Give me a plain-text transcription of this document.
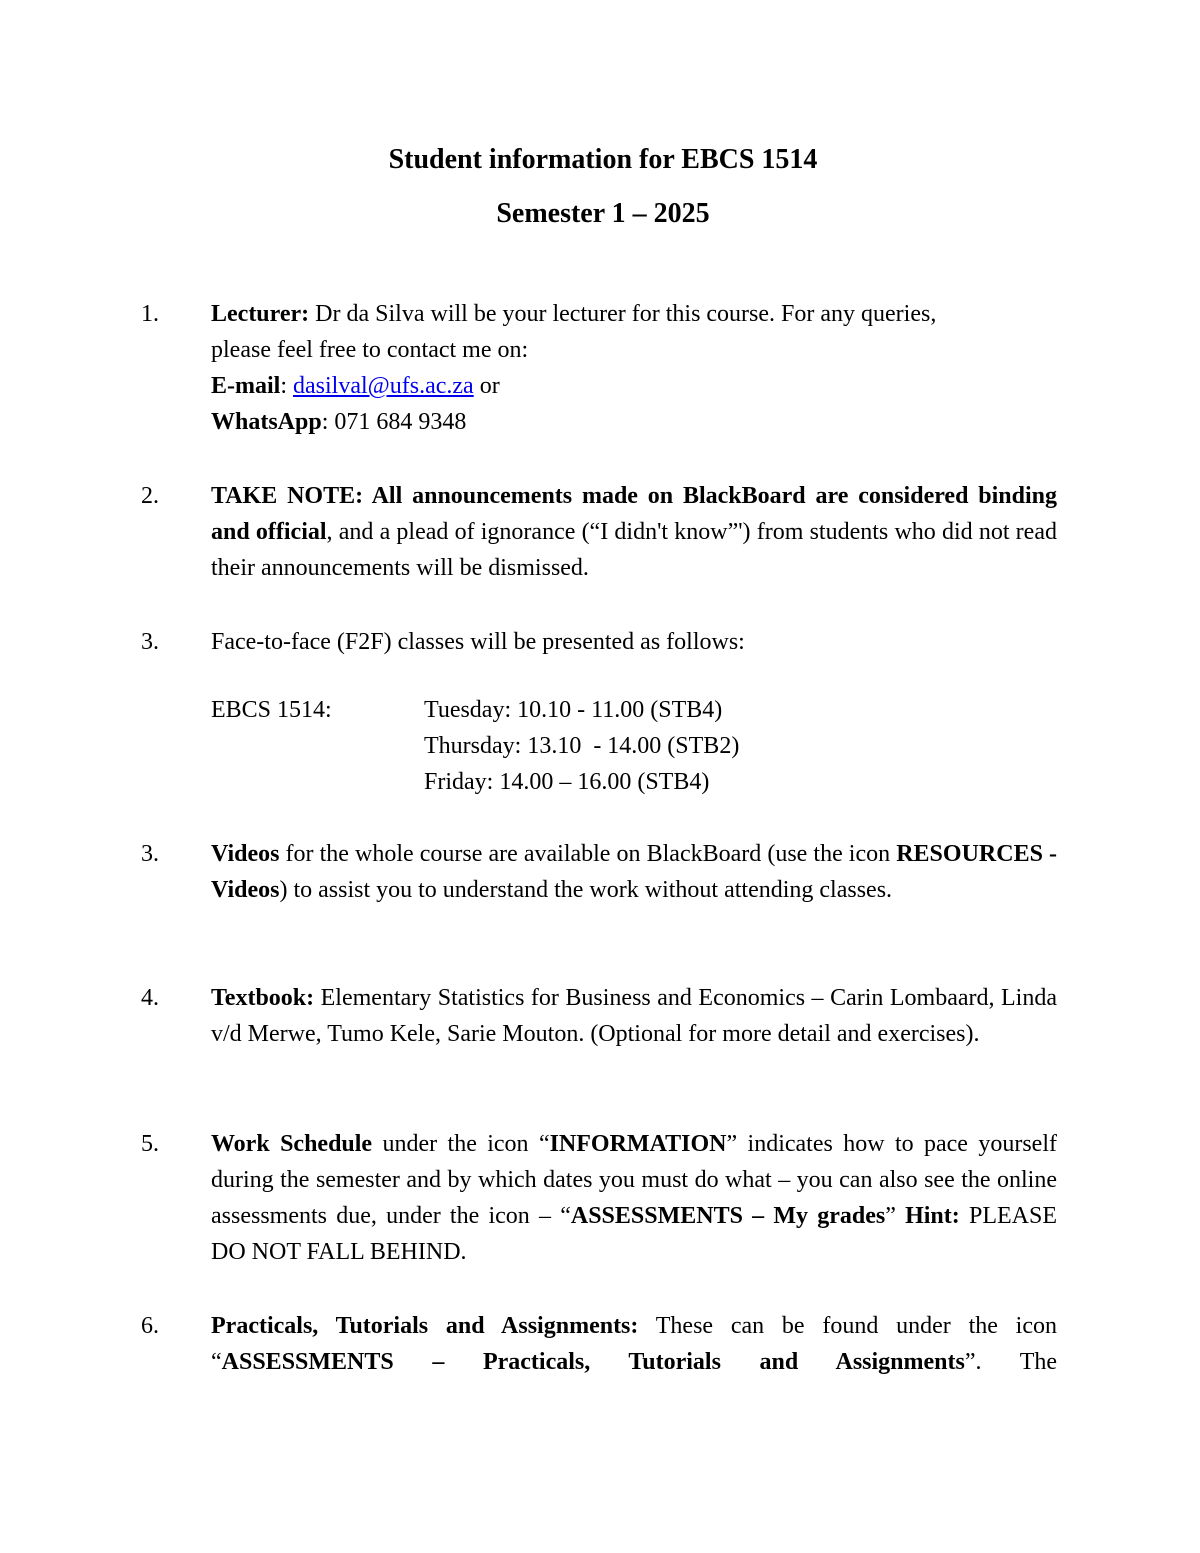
Student information for EBCS 1514
Semester 1 – 2025
1. Lecturer: Dr da Silva will be your lecturer for this course. For any queries,

please feel free to contact me on:

E-mail: dasilval@ufs.ac.za or

WhatsApp: 071 684 9348

2. TAKE NOTE: All announcements made on BlackBoard are considered binding and official, and a plead of ignorance (“I didn't know”') from students who did not read their announcements will be dismissed.

3. Face-to-face (F2F) classes will be presented as follows:

EBCS 1514:	Tuesday: 10.10 - 11.00 (STB4)
Thursday: 13.10  - 14.00 (STB2)
Friday: 14.00 – 16.00 (STB4)
3. Videos for the whole course are available on BlackBoard (use the icon RESOURCES - Videos) to assist you to understand the work without attending classes.

4. Textbook: Elementary Statistics for Business and Economics – Carin Lombaard, Linda v/d Merwe, Tumo Kele, Sarie Mouton. (Optional for more detail and exercises).

5. Work Schedule under the icon “INFORMATION” indicates how to pace yourself during the semester and by which dates you must do what – you can also see the online assessments due, under the icon – “ASSESSMENTS – My grades” Hint: PLEASE DO NOT FALL BEHIND.

6. Practicals, Tutorials and Assignments: These can be found under the icon “ASSESSMENTS – Practicals, Tutorials and Assignments”. The
